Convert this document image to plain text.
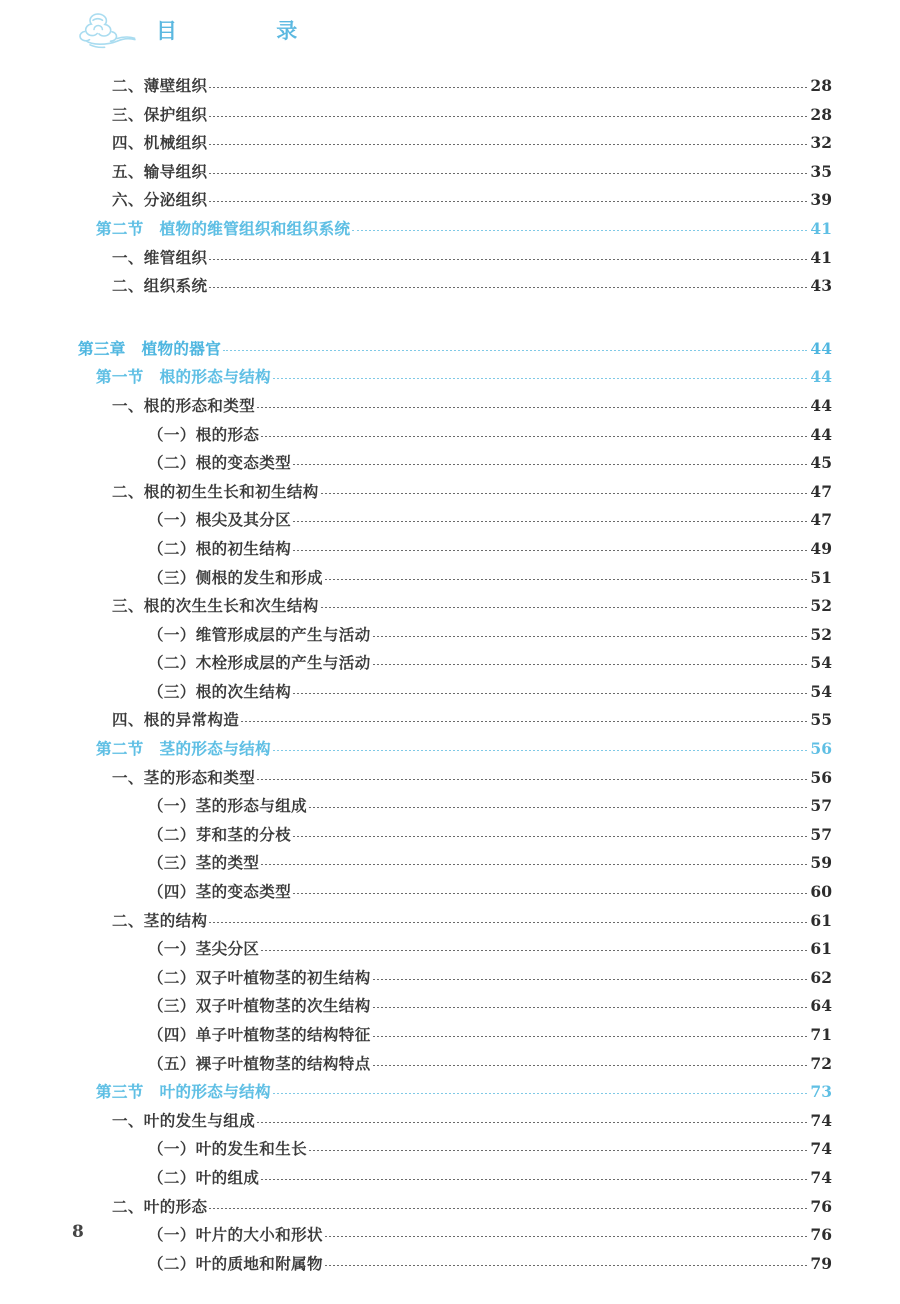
目    录
二、薄壁组织	28
三、保护组织	28
四、机械组织	32
五、输导组织	35
六、分泌组织	39
第二节　植物的维管组织和组织系统	41
一、维管组织	41
二、组织系统	43
第三章　植物的器官	44
第一节　根的形态与结构	44
一、根的形态和类型	44
（一）根的形态	44
（二）根的变态类型	45
二、根的初生生长和初生结构	47
（一）根尖及其分区	47
（二）根的初生结构	49
（三）侧根的发生和形成	51
三、根的次生生长和次生结构	52
（一）维管形成层的产生与活动	52
（二）木栓形成层的产生与活动	54
（三）根的次生结构	54
四、根的异常构造	55
第二节　茎的形态与结构	56
一、茎的形态和类型	56
（一）茎的形态与组成	57
（二）芽和茎的分枝	57
（三）茎的类型	59
（四）茎的变态类型	60
二、茎的结构	61
（一）茎尖分区	61
（二）双子叶植物茎的初生结构	62
（三）双子叶植物茎的次生结构	64
（四）单子叶植物茎的结构特征	71
（五）裸子叶植物茎的结构特点	72
第三节　叶的形态与结构	73
一、叶的发生与组成	74
（一）叶的发生和生长	74
（二）叶的组成	74
二、叶的形态	76
（一）叶片的大小和形状	76
（二）叶的质地和附属物	79
8
